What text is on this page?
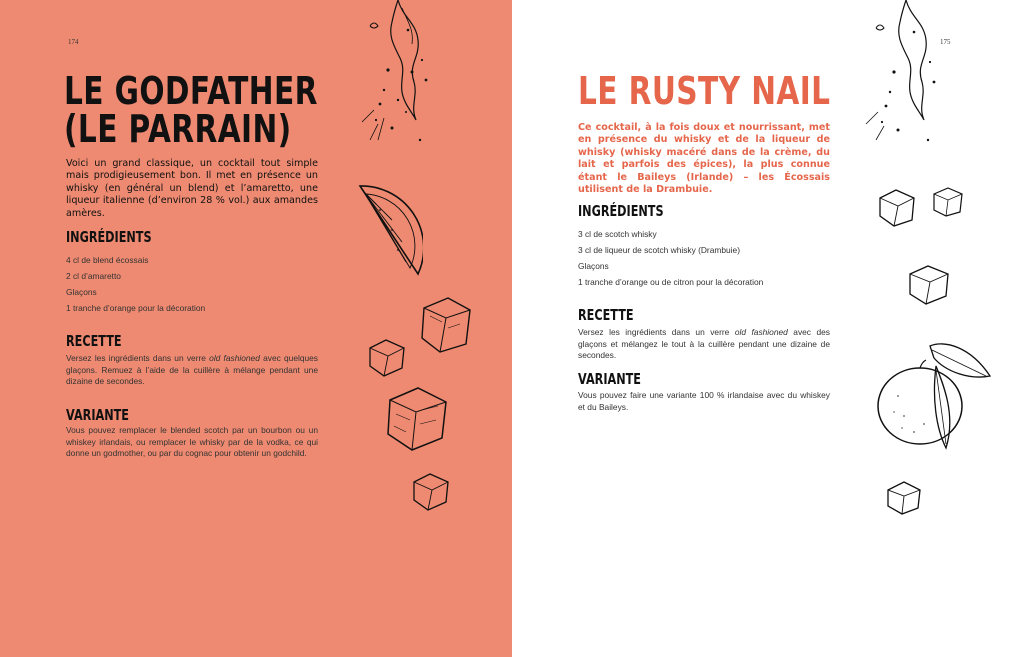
174
LE GODFATHER
(LE PARRAIN)

Voici un grand classique, un cocktail tout simple mais prodigieusement bon. Il met en présence un whisky (en général un blend) et l’amaretto, une liqueur italienne (d’environ 28 % vol.) aux amandes amères.

INGRÉDIENTS
4 cl de blend écossais
2 cl d’amaretto
Glaçons
1 tranche d’orange pour la décoration
RECETTE

Versez les ingrédients dans un verre old fashioned avec quelques glaçons. Remuez à l’aide de la cuillère à mélange pendant une dizaine de secondes.

VARIANTE

Vous pouvez remplacer le blended scotch par un bourbon ou un whiskey irlandais, ou remplacer le whisky par de la vodka, ce qui donne un godmother, ou par du cognac pour obtenir un godchild.

175
LE RUSTY NAIL

Ce cocktail, à la fois doux et nourrissant, met en présence du whisky et de la liqueur de whisky (whisky macéré dans de la crème, du lait et parfois des épices), la plus connue étant le Baileys (Irlande) – les Écossais utilisent de la Drambuie.

INGRÉDIENTS
3 cl de scotch whisky
3 cl de liqueur de scotch whisky (Drambuie)
Glaçons
1 tranche d’orange ou de citron pour la décoration
RECETTE

Versez les ingrédients dans un verre old fashioned avec des glaçons et mélangez le tout à la cuillère pendant une dizaine de secondes.

VARIANTE

Vous pouvez faire une variante 100 % irlandaise avec du whiskey et du Baileys.
